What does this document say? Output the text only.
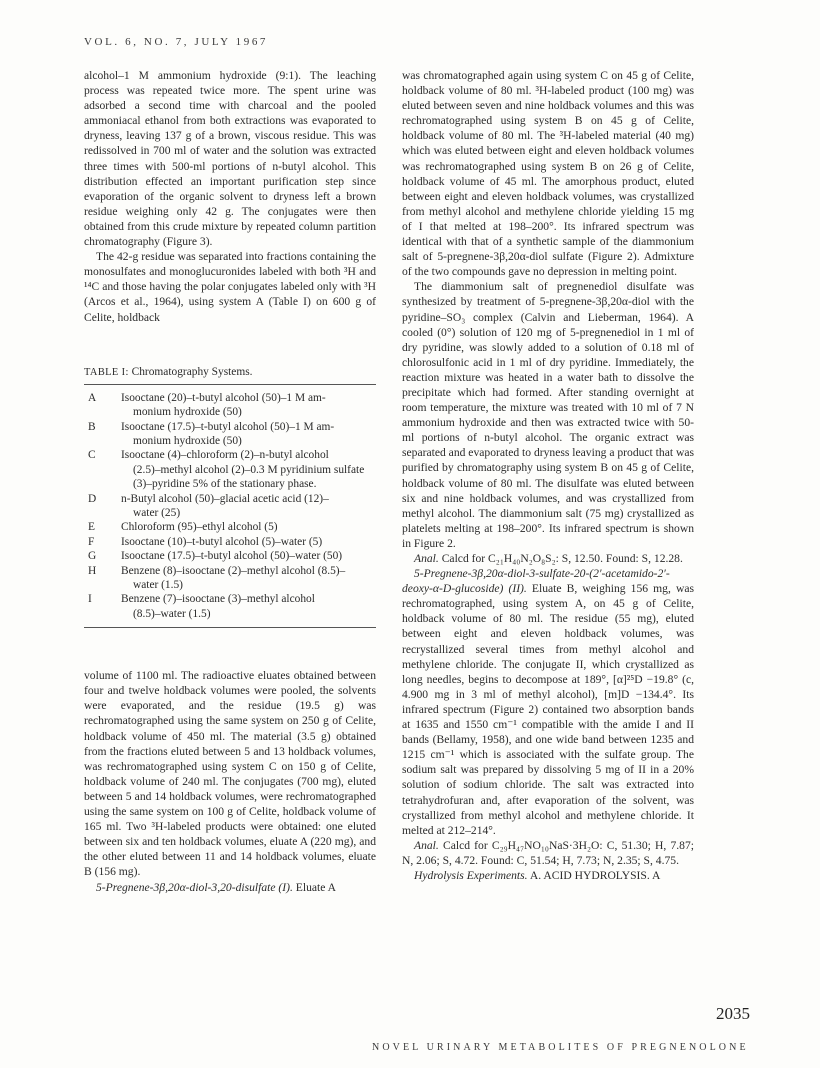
VOL. 6, NO. 7, JULY 1967

alcohol–1 M ammonium hydroxide (9:1). The leaching process was repeated twice more. The spent urine was adsorbed a second time with charcoal and the pooled ammoniacal ethanol from both extractions was evaporated to dryness, leaving 137 g of a brown, viscous residue. This was redissolved in 700 ml of water and the solution was extracted three times with 500-ml portions of n-butyl alcohol. This distribution effected an important purification step since evaporation of the organic solvent to dryness left a brown residue weighing only 42 g. The conjugates were then obtained from this crude mixture by repeated column partition chromatography (Figure 3).

The 42-g residue was separated into fractions containing the monosulfates and monoglucuronides labeled with both ³H and ¹⁴C and those having the polar conjugates labeled only with ³H (Arcos et al., 1964), using system A (Table I) on 600 g of Celite, holdback

TABLE I: Chromatography Systems.
A	Isooctane (20)–t-butyl alcohol (50)–1 M am-
monium hydroxide (50)
B	Isooctane (17.5)–t-butyl alcohol (50)–1 M am-
monium hydroxide (50)
C	Isooctane (4)–chloroform (2)–n-butyl alcohol
(2.5)–methyl alcohol (2)–0.3 M pyridinium sulfate (3)–pyridine 5% of the stationary phase.
D	n-Butyl alcohol (50)–glacial acetic acid (12)–
water (25)
E	Chloroform (95)–ethyl alcohol (5)
F	Isooctane (10)–t-butyl alcohol (5)–water (5)
G	Isooctane (17.5)–t-butyl alcohol (50)–water (50)
H	Benzene (8)–isooctane (2)–methyl alcohol (8.5)–
water (1.5)
I	Benzene (7)–isooctane (3)–methyl alcohol
(8.5)–water (1.5)

volume of 1100 ml. The radioactive eluates obtained between four and twelve holdback volumes were pooled, the solvents were evaporated, and the residue (19.5 g) was rechromatographed using the same system on 250 g of Celite, holdback volume of 450 ml. The material (3.5 g) obtained from the fractions eluted between 5 and 13 holdback volumes, was rechromatographed using system C on 150 g of Celite, holdback volume of 240 ml. The conjugates (700 mg), eluted between 5 and 14 holdback volumes, were rechromatographed using the same system on 100 g of Celite, holdback volume of 165 ml. Two ³H-labeled products were obtained: one eluted between six and ten holdback volumes, eluate A (220 mg), and the other eluted between 11 and 14 holdback volumes, eluate B (156 mg).

5-Pregnene-3β,20α-diol-3,20-disulfate (I). Eluate A

was chromatographed again using system C on 45 g of Celite, holdback volume of 80 ml. ³H-labeled product (100 mg) was eluted between seven and nine holdback volumes and this was rechromatographed using system B on 45 g of Celite, holdback volume of 80 ml. The ³H-labeled material (40 mg) which was eluted between eight and eleven holdback volumes was rechromatographed using system B on 26 g of Celite, holdback volume of 45 ml. The amorphous product, eluted between eight and eleven holdback volumes, was crystallized from methyl alcohol and methylene chloride yielding 15 mg of I that melted at 198–200°. Its infrared spectrum was identical with that of a synthetic sample of the diammonium salt of 5-pregnene-3β,20α-diol sulfate (Figure 2). Admixture of the two compounds gave no depression in melting point.

The diammonium salt of pregnenediol disulfate was synthesized by treatment of 5-pregnene-3β,20α-diol with the pyridine–SO₃ complex (Calvin and Lieberman, 1964). A cooled (0°) solution of 120 mg of 5-pregnenediol in 1 ml of dry pyridine, was slowly added to a solution of 0.18 ml of chlorosulfonic acid in 1 ml of dry pyridine. Immediately, the reaction mixture was heated in a water bath to dissolve the precipitate which had formed. After standing overnight at room temperature, the mixture was treated with 10 ml of 7 N ammonium hydroxide and then was extracted twice with 50-ml portions of n-butyl alcohol. The organic extract was separated and evaporated to dryness leaving a product that was purified by chromatography using system B on 45 g of Celite, holdback volume of 80 ml. The disulfate was eluted between six and nine holdback volumes, and was crystallized from methyl alcohol. The diammonium salt (75 mg) crystallized as platelets melting at 198–200°. Its infrared spectrum is shown in Figure 2.

Anal. Calcd for C₂₁H₄₀N₂O₈S₂: S, 12.50. Found: S, 12.28.

5-Pregnene-3β,20α-diol-3-sulfate-20-(2′-acetamido-2′-deoxy-α-D-glucoside) (II). Eluate B, weighing 156 mg, was rechromatographed, using system A, on 45 g of Celite, holdback volume of 80 ml. The residue (55 mg), eluted between eight and eleven holdback volumes, was recrystallized several times from methyl alcohol and methylene chloride. The conjugate II, which crystallized as long needles, begins to decompose at 189°, [α]²⁵D −19.8° (c, 4.900 mg in 3 ml of methyl alcohol), [m]D −134.4°. Its infrared spectrum (Figure 2) contained two absorption bands at 1635 and 1550 cm⁻¹ compatible with the amide I and II bands (Bellamy, 1958), and one wide band between 1235 and 1215 cm⁻¹ which is associated with the sulfate group. The sodium salt was prepared by dissolving 5 mg of II in a 20% solution of sodium chloride. The salt was extracted into tetrahydrofuran and, after evaporation of the solvent, was crystallized from methyl alcohol and methylene chloride. It melted at 212–214°.

Anal. Calcd for C₂₉H₄₇NO₁₀NaS·3H₂O: C, 51.30; H, 7.87; N, 2.06; S, 4.72. Found: C, 51.54; H, 7.73; N, 2.35; S, 4.75.

Hydrolysis Experiments. A. ACID HYDROLYSIS. A

2035
NOVEL URINARY METABOLITES OF PREGNENOLONE
